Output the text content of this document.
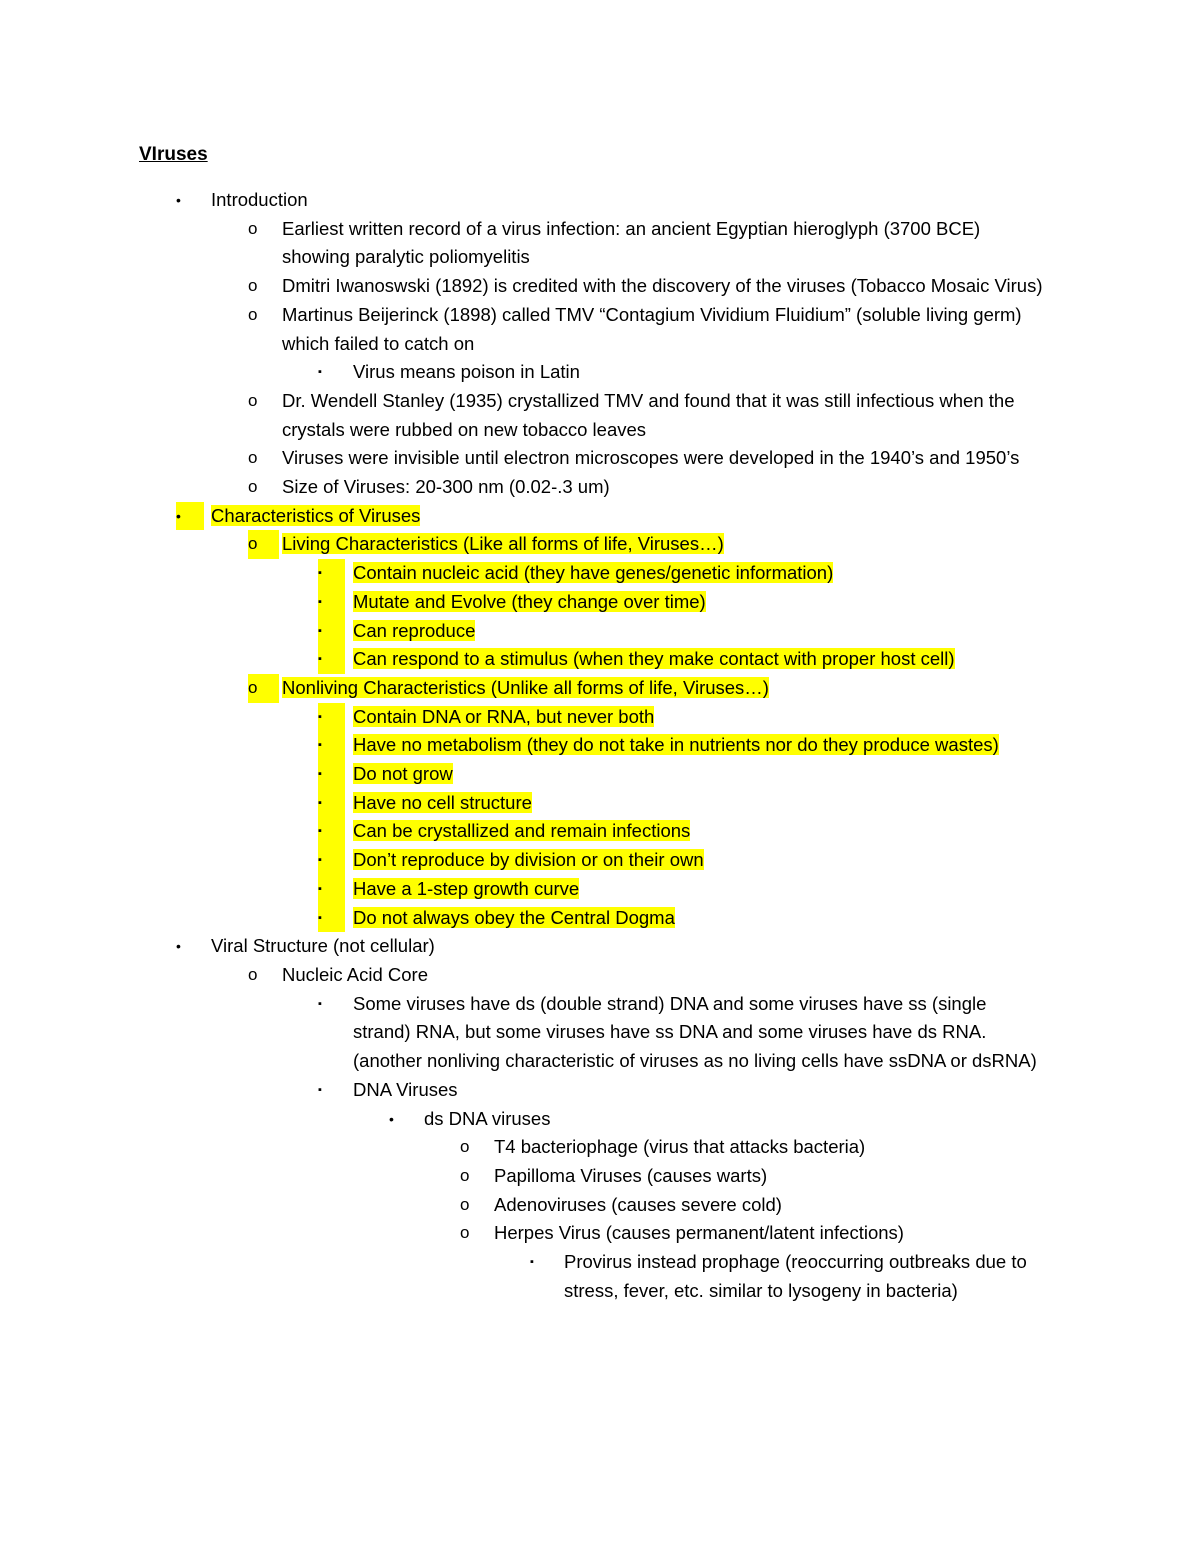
VIruses
• Introduction
o Earliest written record of a virus infection: an ancient Egyptian hieroglyph (3700 BCE) showing paralytic poliomyelitis
o Dmitri Iwanoswski (1892) is credited with the discovery of the viruses (Tobacco Mosaic Virus)
o Martinus Beijerinck (1898) called TMV “Contagium Vividium Fluidium” (soluble living germ) which failed to catch on
▪ Virus means poison in Latin
o Dr. Wendell Stanley (1935) crystallized TMV and found that it was still infectious when the crystals were rubbed on new tobacco leaves
o Viruses were invisible until electron microscopes were developed in the 1940’s and 1950’s
o Size of Viruses: 20-300 nm (0.02-.3 um)
•	Characteristics of Viruses
o	Living Characteristics (Like all forms of life, Viruses…)
▪	Contain nucleic acid (they have genes/genetic information)
▪	Mutate and Evolve (they change over time)
▪	Can reproduce
▪	Can respond to a stimulus (when they make contact with proper host cell)
o	Nonliving Characteristics (Unlike all forms of life, Viruses…)
▪	Contain DNA or RNA, but never both
▪	Have no metabolism (they do not take in nutrients nor do they produce wastes)
▪	Do not grow
▪	Have no cell structure
▪	Can be crystallized and remain infections
▪	Don’t reproduce by division or on their own
▪	Have a 1-step growth curve
▪	Do not always obey the Central Dogma
• Viral Structure (not cellular)
o Nucleic Acid Core
▪ Some viruses have ds (double strand) DNA and some viruses have ss (single strand) RNA, but some viruses have ss DNA and some viruses have ds RNA. (another nonliving characteristic of viruses as no living cells have ssDNA or dsRNA)
▪ DNA Viruses
• ds DNA viruses
o T4 bacteriophage (virus that attacks bacteria)
o Papilloma Viruses (causes warts)
o Adenoviruses (causes severe cold)
o Herpes Virus (causes permanent/latent infections)
▪ Provirus instead prophage (reoccurring outbreaks due to stress, fever, etc. similar to lysogeny in bacteria)
